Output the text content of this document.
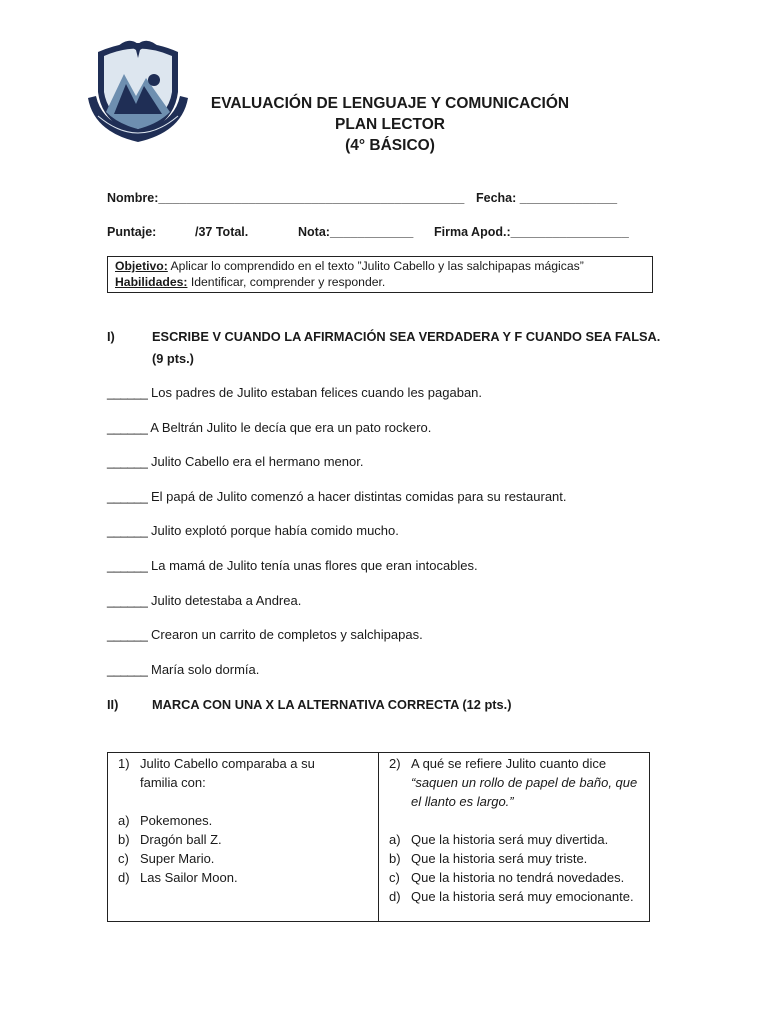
EVALUACIÓN DE LENGUAJE Y COMUNICACIÓN
PLAN LECTOR
(4° BÁSICO)
Nombre:____________________________________________ Fecha: ______________
Puntaje:	/37 Total.	Nota:____________ Firma Apod.:_________________
Objetivo: Aplicar lo comprendido en el texto ”Julito Cabello y las salchipapas mágicas”
Habilidades: Identificar, comprender y responder.
I)	ESCRIBE V CUANDO LA AFIRMACIÓN SEA VERDADERA Y F CUANDO SEA FALSA.
(9 pts.)
______ Los padres de Julito estaban felices cuando les pagaban.
______ A Beltrán Julito le decía que era un pato rockero.
______ Julito Cabello era el hermano menor.
______ El papá de Julito comenzó a hacer distintas comidas para su restaurant.
______ Julito explotó porque había comido mucho.
______ La mamá de Julito tenía unas flores que eran intocables.
______ Julito detestaba a Andrea.
______ Crearon un carrito de completos y salchipapas.
______ María solo dormía.
II)	MARCA CON UNA X LA ALTERNATIVA CORRECTA (12 pts.)
1) Julito Cabello comparaba a su
familia con:
a) Pokemones.
b) Dragón ball Z.
c) Super Mario.
d) Las Sailor Moon.

2) A qué se refiere Julito cuanto dice
“saquen un rollo de papel de baño, que
el llanto es largo.”
a) Que la historia será muy divertida.
b) Que la historia será muy triste.
c) Que la historia no tendrá novedades.
d) Que la historia será muy emocionante.
